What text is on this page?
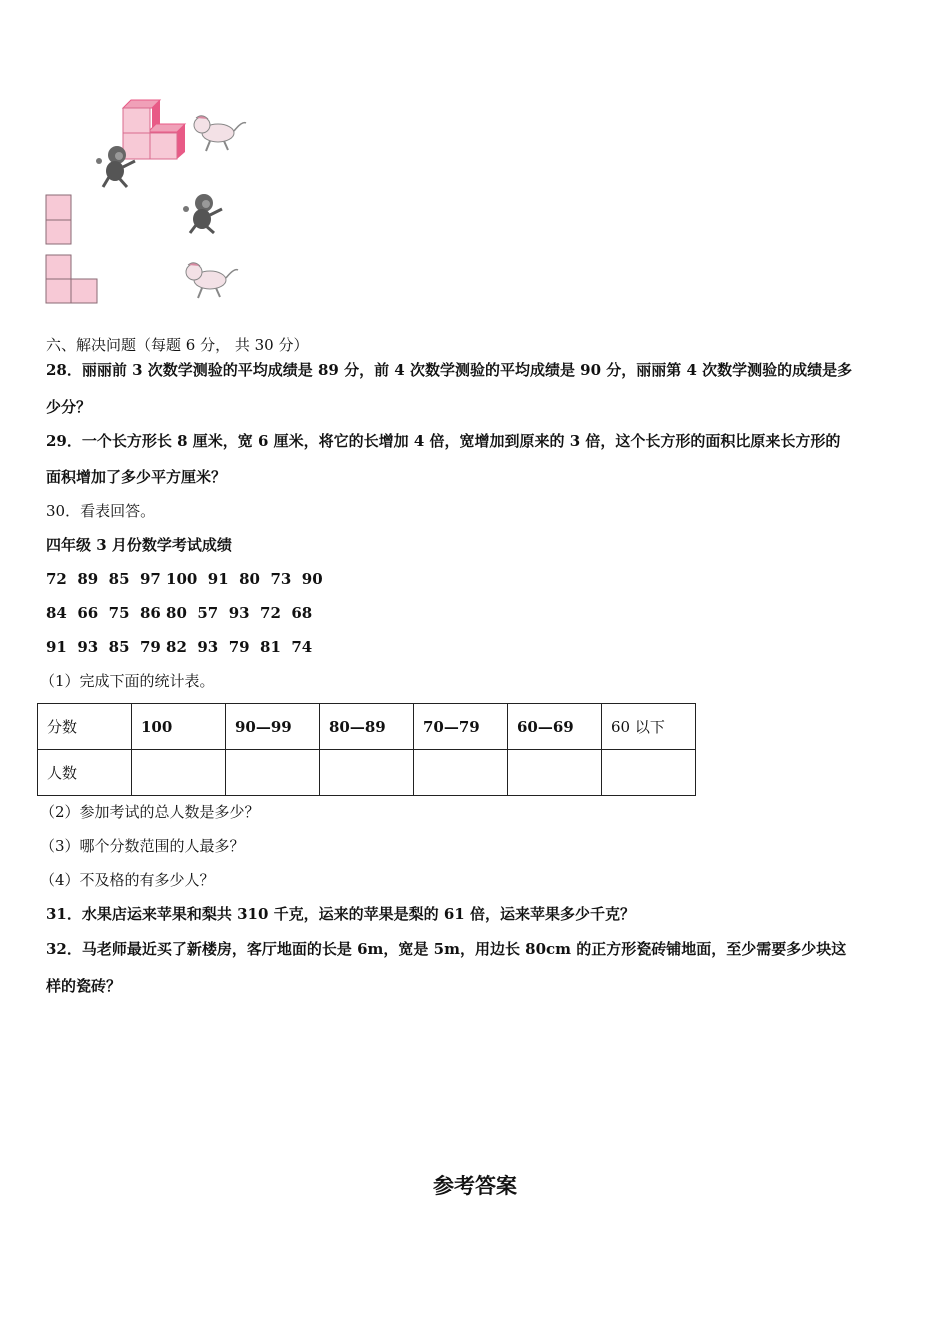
六、解决问题（每题 6 分， 共 30 分）
28．丽丽前 3 次数学测验的平均成绩是 89 分，前 4 次数学测验的平均成绩是 90 分，丽丽第 4 次数学测验的成绩是多
少分？
29．一个长方形长 8 厘米，宽 6 厘米，将它的长增加 4 倍，宽增加到原来的 3 倍，这个长方形的面积比原来长方形的
面积增加了多少平方厘米？
30．看表回答。
四年级 3 月份数学考试成绩
72  89  85  97 100  91  80  73  90
84  66  75  86 80  57  93  72  68
91  93  85  79 82  93  79  81  74
（1）完成下面的统计表。
分数	100	90—99	80—89	70—79	60—69	60 以下
人数						
（2）参加考试的总人数是多少？
（3）哪个分数范围的人最多？
（4）不及格的有多少人？
31．水果店运来苹果和梨共 310 千克，运来的苹果是梨的 61 倍，运来苹果多少千克？
32．马老师最近买了新楼房，客厅地面的长是 6m，宽是 5m，用边长 80cm 的正方形瓷砖铺地面，至少需要多少块这
样的瓷砖？
参考答案
